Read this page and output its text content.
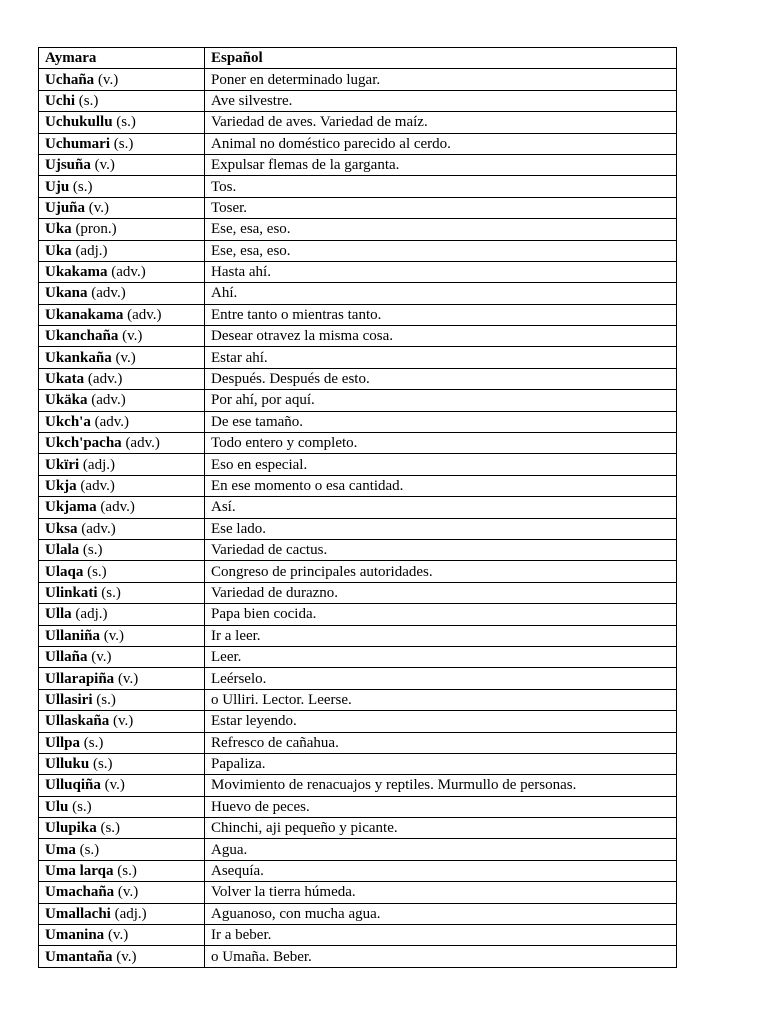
Aymara	Español
Uchaña (v.)	Poner en determinado lugar.
Uchi (s.)	Ave silvestre.
Uchukullu (s.)	Variedad de aves. Variedad de maíz.
Uchumari (s.)	Animal no doméstico parecido al cerdo.
Ujsuña (v.)	Expulsar flemas de la garganta.
Uju (s.)	Tos.
Ujuña (v.)	Toser.
Uka (pron.)	Ese, esa, eso.
Uka (adj.)	Ese, esa, eso.
Ukakama (adv.)	Hasta ahí.
Ukana (adv.)	Ahí.
Ukanakama (adv.)	Entre tanto o mientras tanto.
Ukanchaña (v.)	Desear otravez la misma cosa.
Ukankaña (v.)	Estar ahí.
Ukata (adv.)	Después. Después de esto.
Ukäka (adv.)	Por ahí, por aquí.
Ukch'a (adv.)	De ese tamaño.
Ukch'pacha (adv.)	Todo entero y completo.
Ukïri (adj.)	Eso en especial.
Ukja (adv.)	En ese momento o esa cantidad.
Ukjama (adv.)	Así.
Uksa (adv.)	Ese lado.
Ulala (s.)	Variedad de cactus.
Ulaqa (s.)	Congreso de principales autoridades.
Ulinkati (s.)	Variedad de durazno.
Ulla (adj.)	Papa bien cocida.
Ullaniña (v.)	Ir a leer.
Ullaña (v.)	Leer.
Ullarapiña (v.)	Leérselo.
Ullasiri (s.)	o Ulliri. Lector. Leerse.
Ullaskaña (v.)	Estar leyendo.
Ullpa (s.)	Refresco de cañahua.
Ulluku (s.)	Papaliza.
Ulluqiña (v.)	Movimiento de renacuajos y reptiles. Murmullo de personas.
Ulu (s.)	Huevo de peces.
Ulupika (s.)	Chinchi, aji pequeño y picante.
Uma (s.)	Agua.
Uma larqa (s.)	Asequía.
Umachaña (v.)	Volver la tierra húmeda.
Umallachi (adj.)	Aguanoso, con mucha agua.
Umanina (v.)	Ir a beber.
Umantaña (v.)	o Umaña. Beber.
